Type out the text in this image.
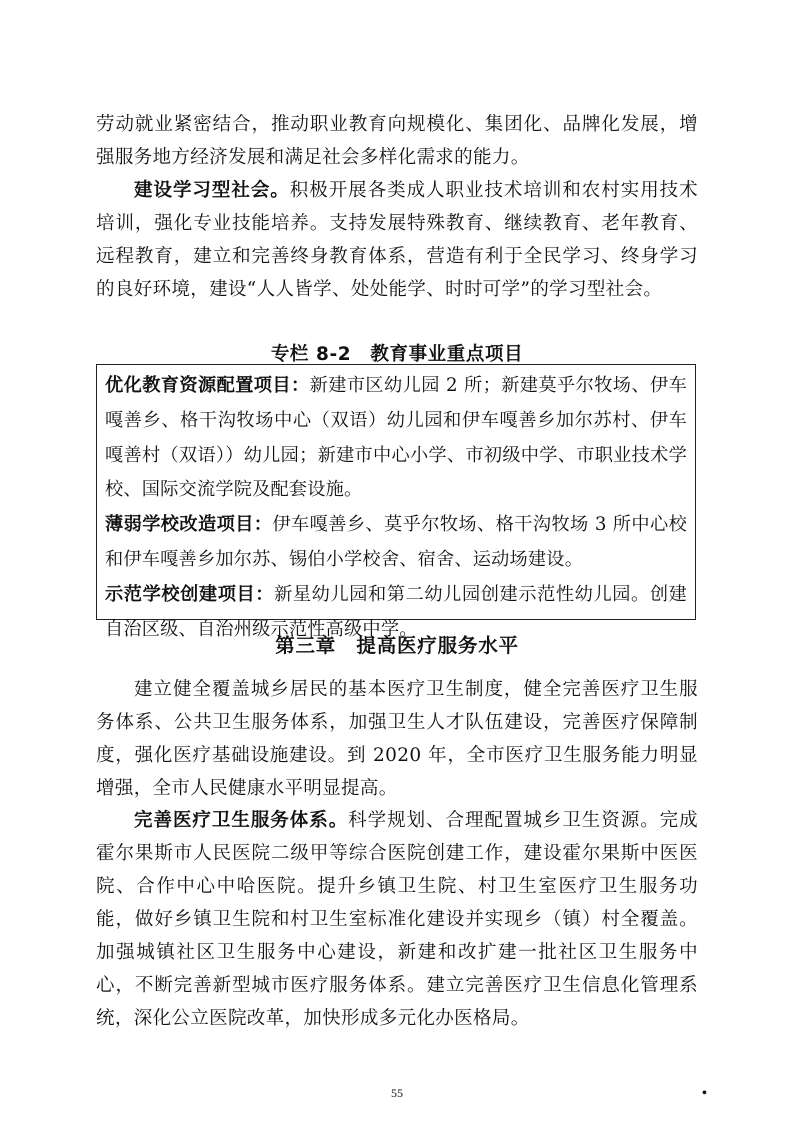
劳动就业紧密结合，推动职业教育向规模化、集团化、品牌化发展，增强服务地方经济发展和满足社会多样化需求的能力。

建设学习型社会。积极开展各类成人职业技术培训和农村实用技术培训，强化专业技能培养。支持发展特殊教育、继续教育、老年教育、远程教育，建立和完善终身教育体系，营造有利于全民学习、终身学习的良好环境，建设“人人皆学、处处能学、时时可学”的学习型社会。

专栏 8-2　教育事业重点项目

优化教育资源配置项目：新建市区幼儿园 2 所；新建莫乎尔牧场、伊车嘎善乡、格干沟牧场中心（双语）幼儿园和伊车嘎善乡加尔苏村、伊车嘎善村（双语））幼儿园；新建市中心小学、市初级中学、市职业技术学校、国际交流学院及配套设施。

薄弱学校改造项目：伊车嘎善乡、莫乎尔牧场、格干沟牧场 3 所中心校和伊车嘎善乡加尔苏、锡伯小学校舍、宿舍、运动场建设。

示范学校创建项目：新星幼儿园和第二幼儿园创建示范性幼儿园。创建自治区级、自治州级示范性高级中学。

第三章　提高医疗服务水平

建立健全覆盖城乡居民的基本医疗卫生制度，健全完善医疗卫生服务体系、公共卫生服务体系，加强卫生人才队伍建设，完善医疗保障制度，强化医疗基础设施建设。到 2020 年，全市医疗卫生服务能力明显增强，全市人民健康水平明显提高。

完善医疗卫生服务体系。科学规划、合理配置城乡卫生资源。完成霍尔果斯市人民医院二级甲等综合医院创建工作，建设霍尔果斯中医医院、合作中心中哈医院。提升乡镇卫生院、村卫生室医疗卫生服务功能，做好乡镇卫生院和村卫生室标准化建设并实现乡（镇）村全覆盖。加强城镇社区卫生服务中心建设，新建和改扩建一批社区卫生服务中心，不断完善新型城市医疗服务体系。建立完善医疗卫生信息化管理系统，深化公立医院改革，加快形成多元化办医格局。

55	•
